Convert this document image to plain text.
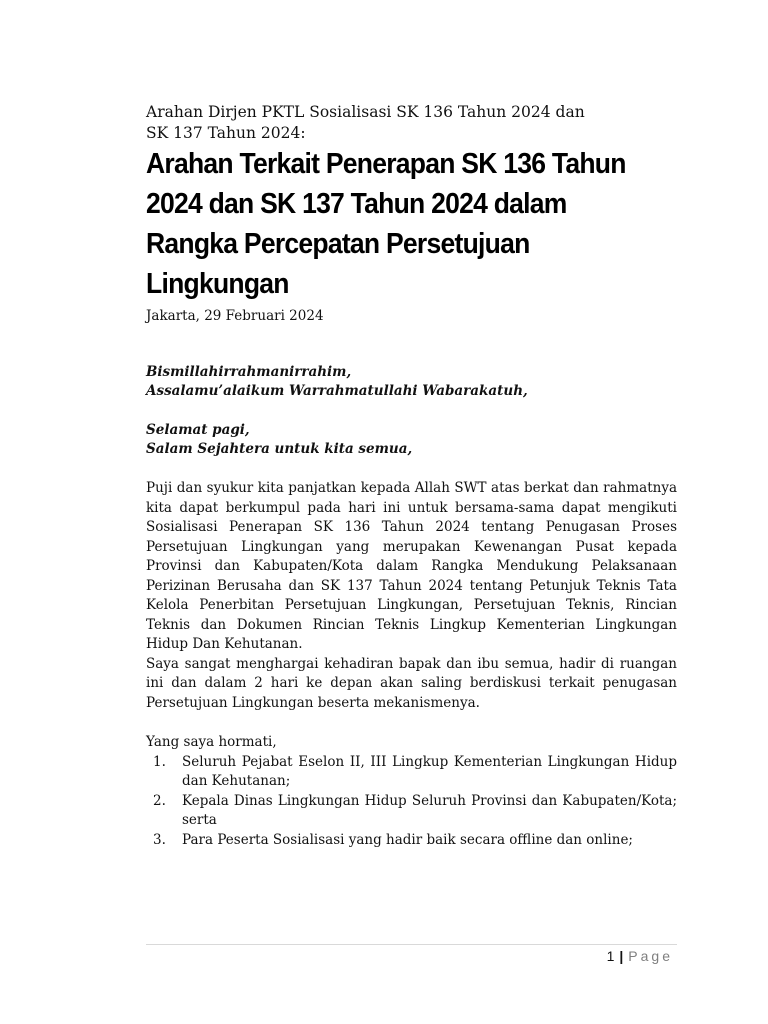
Arahan Dirjen PKTL Sosialisasi SK 136 Tahun 2024 dan

SK 137 Tahun 2024:

Arahan Terkait Penerapan SK 136 Tahun

2024 dan SK 137 Tahun 2024 dalam

Rangka Percepatan Persetujuan

Lingkungan

Jakarta, 29 Februari 2024

Bismillahirrahmanirrahim,

Assalamu’alaikum Warrahmatullahi Wabarakatuh,

Selamat pagi,

Salam Sejahtera untuk kita semua,

Puji dan syukur kita panjatkan kepada Allah SWT atas berkat dan rahmatnya kita dapat berkumpul pada hari ini untuk bersama-sama dapat mengikuti Sosialisasi Penerapan SK 136 Tahun 2024 tentang Penugasan Proses Persetujuan Lingkungan yang merupakan Kewenangan Pusat kepada Provinsi dan Kabupaten/Kota dalam Rangka Mendukung Pelaksanaan Perizinan Berusaha dan SK 137 Tahun 2024 tentang Petunjuk Teknis Tata Kelola Penerbitan Persetujuan Lingkungan, Persetujuan Teknis, Rincian Teknis dan Dokumen Rincian Teknis Lingkup Kementerian Lingkungan Hidup Dan Kehutanan.

Saya sangat menghargai kehadiran bapak dan ibu semua, hadir di ruangan ini dan dalam 2 hari ke depan akan saling berdiskusi terkait penugasan Persetujuan Lingkungan beserta mekanismenya.

Yang saya hormati,

1.	Seluruh Pejabat Eselon II, III Lingkup Kementerian Lingkungan Hidup dan Kehutanan;
2.	Kepala Dinas Lingkungan Hidup Seluruh Provinsi dan Kabupaten/Kota; serta
3.	Para Peserta Sosialisasi yang hadir baik secara offline dan online;
1 | Page
